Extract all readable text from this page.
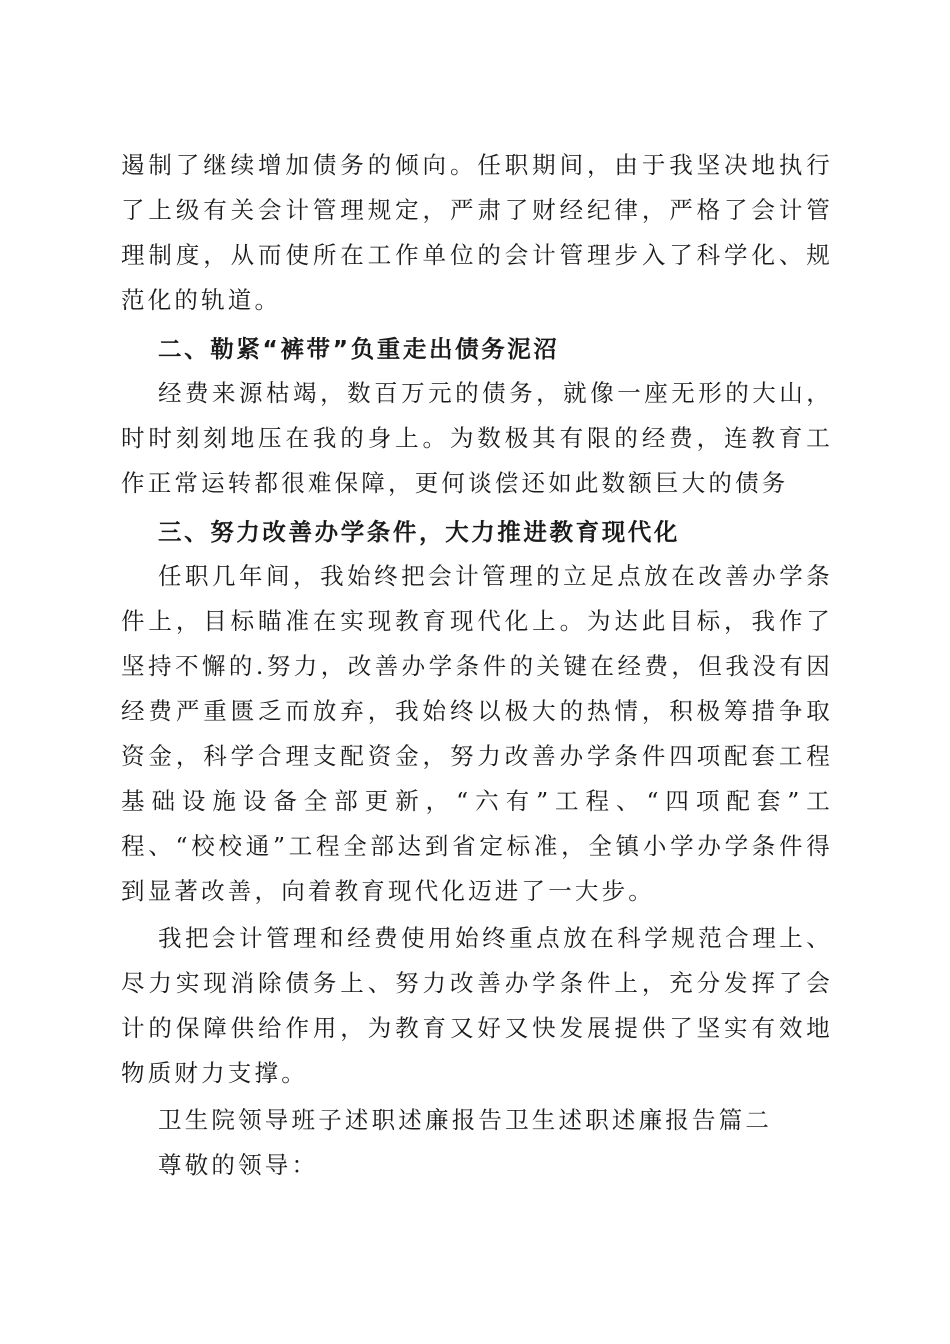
遏制了继续增加债务的倾向。任职期间，由于我坚决地执行了上级有关会计管理规定，严肃了财经纪律，严格了会计管理制度，从而使所在工作单位的会计管理步入了科学化、规范化的轨道。

二、勒紧“裤带”负重走出债务泥沼

经费来源枯竭，数百万元的债务，就像一座无形的大山，时时刻刻地压在我的身上。为数极其有限的经费，连教育工作正常运转都很难保障，更何谈偿还如此数额巨大的债务

三、努力改善办学条件，大力推进教育现代化

任职几年间，我始终把会计管理的立足点放在改善办学条件上，目标瞄准在实现教育现代化上。为达此目标，我作了坚持不懈的.努力，改善办学条件的关键在经费，但我没有因经费严重匮乏而放弃，我始终以极大的热情，积极筹措争取资金，科学合理支配资金，努力改善办学条件四项配套工程基础设施设备全部更新，“六有”工程、“四项配套”工程、“校校通”工程全部达到省定标准，全镇小学办学条件得到显著改善，向着教育现代化迈进了一大步。

我把会计管理和经费使用始终重点放在科学规范合理上、尽力实现消除债务上、努力改善办学条件上，充分发挥了会计的保障供给作用，为教育又好又快发展提供了坚实有效地物质财力支撑。

卫生院领导班子述职述廉报告卫生述职述廉报告篇二

尊敬的领导：
